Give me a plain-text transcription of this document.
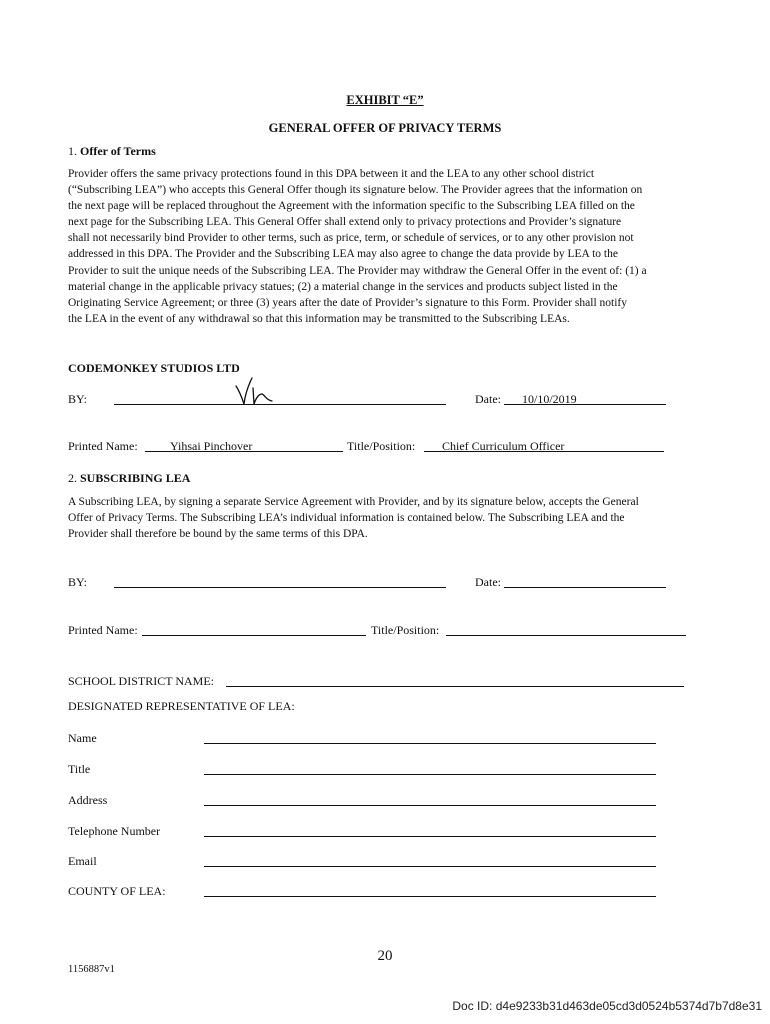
EXHIBIT “E”
GENERAL OFFER OF PRIVACY TERMS
1. Offer of Terms
Provider offers the same privacy protections found in this DPA between it and the LEA to any other school district
(“Subscribing LEA”) who accepts this General Offer though its signature below. The Provider agrees that the information on
the next page will be replaced throughout the Agreement with the information specific to the Subscribing LEA filled on the
next page for the Subscribing LEA. This General Offer shall extend only to privacy protections and Provider’s signature
shall not necessarily bind Provider to other terms, such as price, term, or schedule of services, or to any other provision not
addressed in this DPA. The Provider and the Subscribing LEA may also agree to change the data provide by LEA to the
Provider to suit the unique needs of the Subscribing LEA. The Provider may withdraw the General Offer in the event of: (1) a
material change in the applicable privacy statues; (2) a material change in the services and products subject listed in the
Originating Service Agreement; or three (3) years after the date of Provider’s signature to this Form. Provider shall notify
the LEA in the event of any withdrawal so that this information may be transmitted to the Subscribing LEAs.
CODEMONKEY STUDIOS LTD
BY:	Date: 10/10/2019
Printed Name:	Yihsai Pinchover	Title/Position: Chief Curriculum Officer
2. SUBSCRIBING LEA
A Subscribing LEA, by signing a separate Service Agreement with Provider, and by its signature below, accepts the General
Offer of Privacy Terms. The Subscribing LEA’s individual information is contained below. The Subscribing LEA and the
Provider shall therefore be bound by the same terms of this DPA.
BY:	Date:
Printed Name:	Title/Position:
SCHOOL DISTRICT NAME:
DESIGNATED REPRESENTATIVE OF LEA:
Name
Title
Address
Telephone Number
Email
COUNTY OF LEA:
20
1156887v1
Doc ID: d4e9233b31d463de05cd3d0524b5374d7b7d8e31
